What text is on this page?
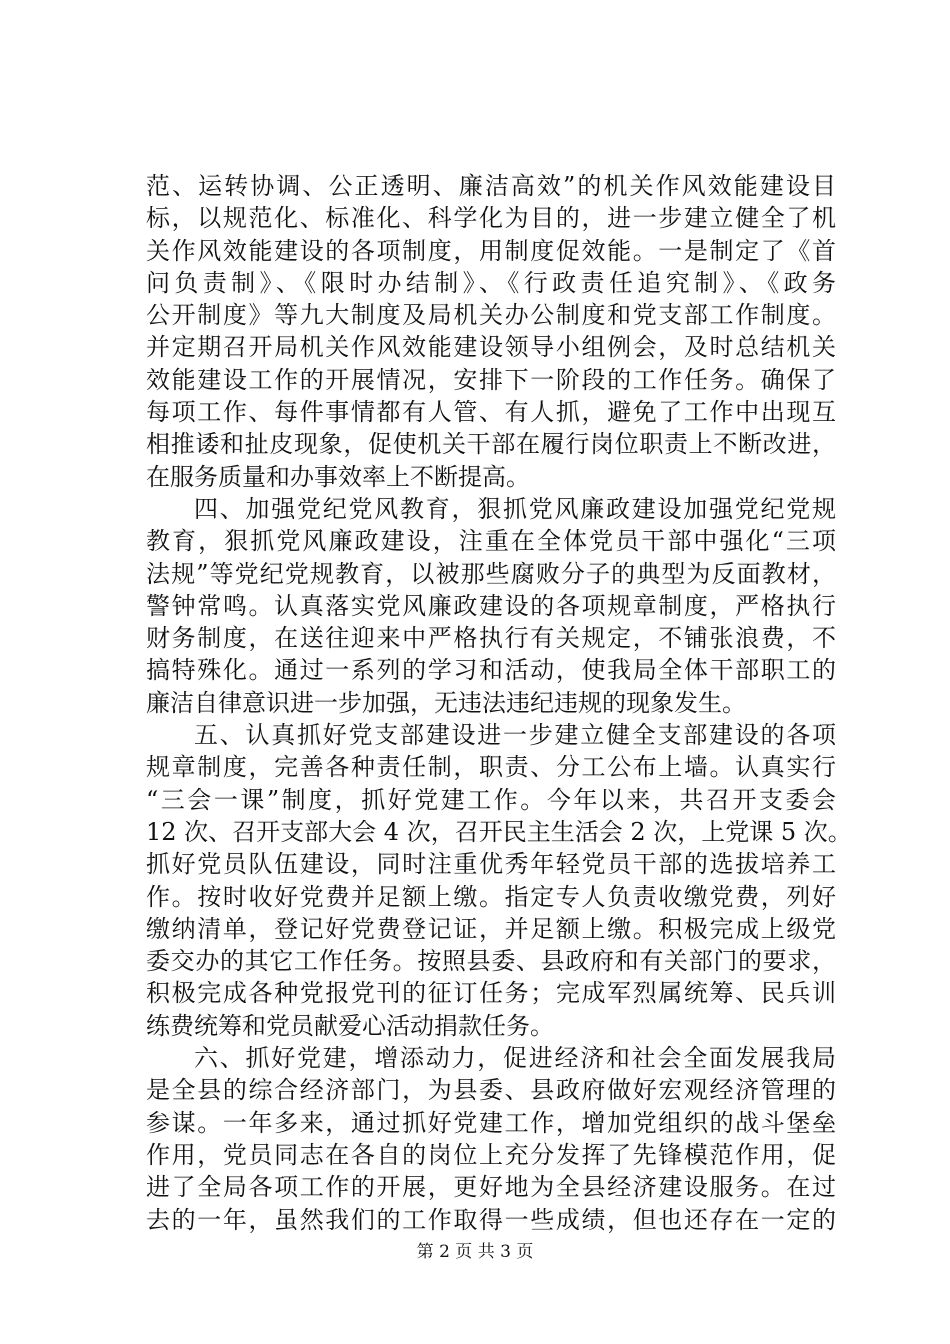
范、运转协调、公正透明、廉洁高效”的机关作风效能建设目
标，以规范化、标准化、科学化为目的，进一步建立健全了机
关作风效能建设的各项制度，用制度促效能。一是制定了《首
问负责制》、《限时办结制》、《行政责任追究制》、《政务
公开制度》等九大制度及局机关办公制度和党支部工作制度。
并定期召开局机关作风效能建设领导小组例会，及时总结机关
效能建设工作的开展情况，安排下一阶段的工作任务。确保了
每项工作、每件事情都有人管、有人抓，避免了工作中出现互
相推诿和扯皮现象，促使机关干部在履行岗位职责上不断改进，
在服务质量和办事效率上不断提高。
四、加强党纪党风教育，狠抓党风廉政建设加强党纪党规
教育，狠抓党风廉政建设，注重在全体党员干部中强化“三项
法规”等党纪党规教育，以被那些腐败分子的典型为反面教材，
警钟常鸣。认真落实党风廉政建设的各项规章制度，严格执行
财务制度，在送往迎来中严格执行有关规定，不铺张浪费，不
搞特殊化。通过一系列的学习和活动，使我局全体干部职工的
廉洁自律意识进一步加强，无违法违纪违规的现象发生。
五、认真抓好党支部建设进一步建立健全支部建设的各项
规章制度，完善各种责任制，职责、分工公布上墙。认真实行
“三会一课”制度，抓好党建工作。今年以来，共召开支委会
12 次、召开支部大会 4 次，召开民主生活会 2 次，上党课 5 次。
抓好党员队伍建设，同时注重优秀年轻党员干部的选拔培养工
作。按时收好党费并足额上缴。指定专人负责收缴党费，列好
缴纳清单，登记好党费登记证，并足额上缴。积极完成上级党
委交办的其它工作任务。按照县委、县政府和有关部门的要求，
积极完成各种党报党刊的征订任务；完成军烈属统筹、民兵训
练费统筹和党员献爱心活动捐款任务。
六、抓好党建，增添动力，促进经济和社会全面发展我局
是全县的综合经济部门，为县委、县政府做好宏观经济管理的
参谋。一年多来，通过抓好党建工作，增加党组织的战斗堡垒
作用，党员同志在各自的岗位上充分发挥了先锋模范作用，促
进了全局各项工作的开展，更好地为全县经济建设服务。在过
去的一年，虽然我们的工作取得一些成绩，但也还存在一定的
第 2 页 共 3 页
